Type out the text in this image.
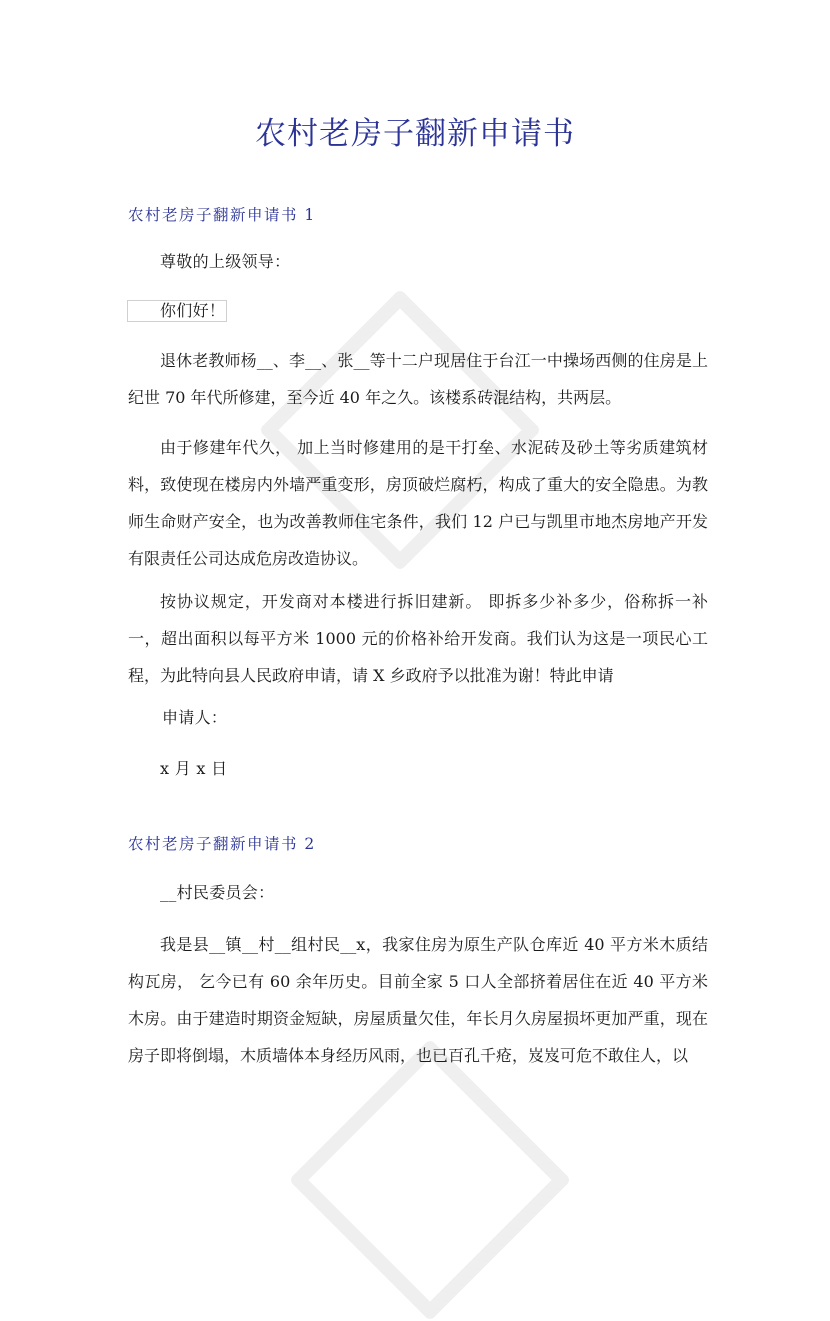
农村老房子翻新申请书
农村老房子翻新申请书 1

尊敬的上级领导：

你们好！

退休老教师杨__、李__、张__等十二户现居住于台江一中操场西侧的住房是上纪世 70 年代所修建，至今近 40 年之久。该楼系砖混结构，共两层。

由于修建年代久， 加上当时修建用的是干打垒、水泥砖及砂土等劣质建筑材料，致使现在楼房内外墙严重变形，房顶破烂腐朽，构成了重大的安全隐患。为教师生命财产安全，也为改善教师住宅条件，我们 12 户已与凯里市地杰房地产开发有限责任公司达成危房改造协议。

按协议规定，开发商对本楼进行拆旧建新。 即拆多少补多少，俗称拆一补一，超出面积以每平方米 1000 元的价格补给开发商。我们认为这是一项民心工程，为此特向县人民政府申请，请 X 乡政府予以批准为谢！特此申请

申请人：

x 月 x 日

农村老房子翻新申请书 2

__村民委员会：

我是县__镇__村__组村民__x，我家住房为原生产队仓库近 40 平方米木质结构瓦房， 乞今已有 60 余年历史。目前全家 5 口人全部挤着居住在近 40 平方米木房。由于建造时期资金短缺，房屋质量欠佳，年长月久房屋损坏更加严重，现在房子即将倒塌，木质墙体本身经历风雨，也已百孔千疮，岌岌可危不敢住人，以
